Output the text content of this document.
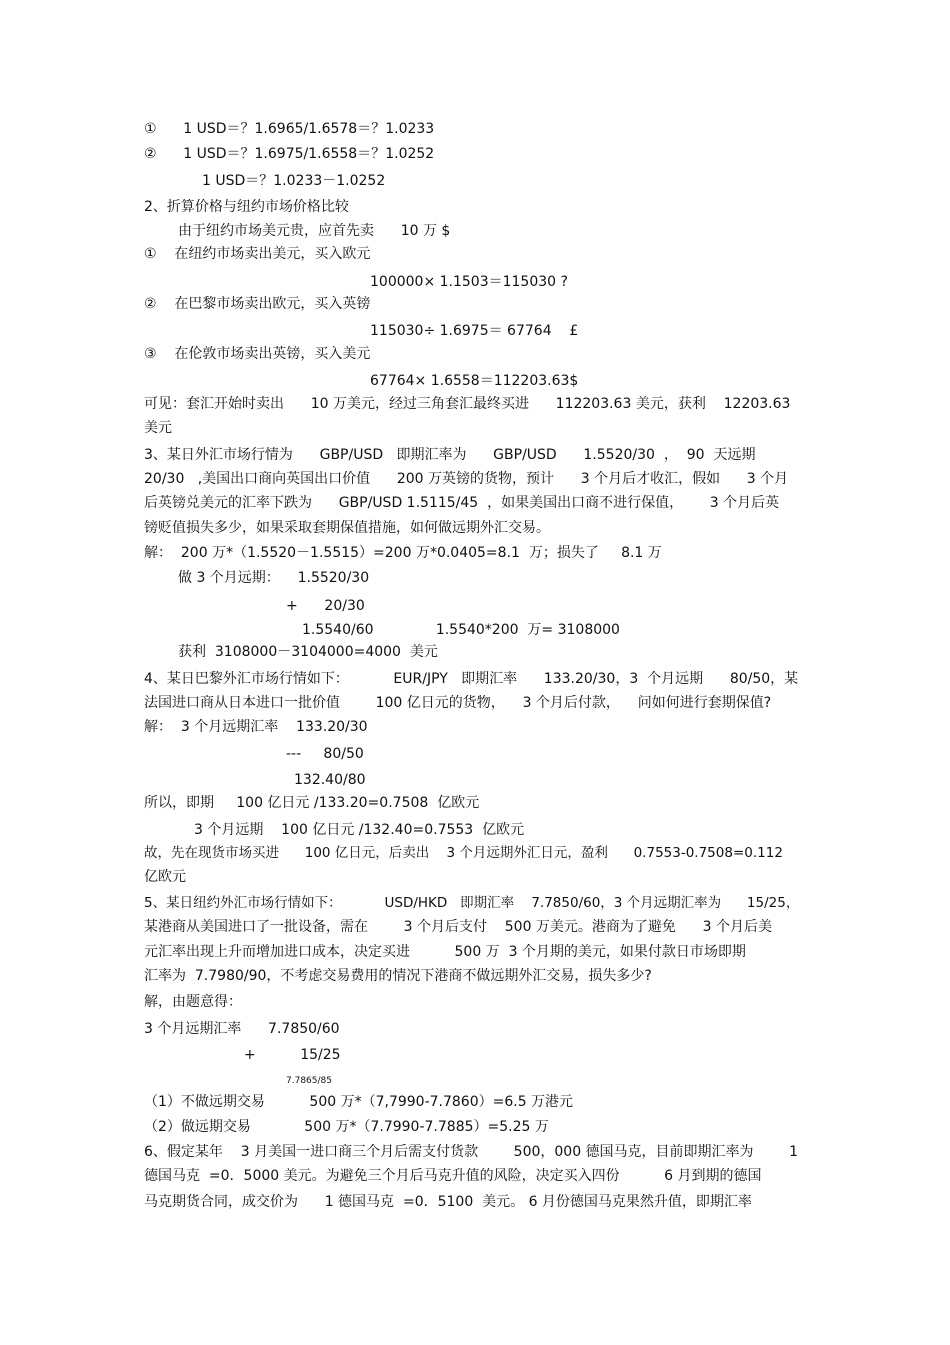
①      1 USD＝？1.6965/1.6578＝？1.0233
②      1 USD＝？1.6975/1.6558＝？1.0252
1 USD＝？1.0233－1.0252
2、折算价格与纽约市场价格比较
由于纽约市场美元贵，应首先卖      10 万 $
①    在纽约市场卖出美元，买入欧元
100000× 1.1503＝115030 ?
②    在巴黎市场卖出欧元，买入英镑
115030÷ 1.6975＝ 67764    £
③    在伦敦市场卖出英镑，买入美元
67764× 1.6558＝112203.63$
可见：套汇开始时卖出      10 万美元，经过三角套汇最终买进      112203.63 美元，获利    12203.63
美元
3、某日外汇市场行情为      GBP/USD   即期汇率为      GBP/USD      1.5520/30  ，  90  天远期
20/30   ,美国出口商向英国出口价值      200 万英镑的货物，预计      3 个月后才收汇，假如      3 个月
后英镑兑美元的汇率下跌为      GBP/USD 1.5115/45  ，如果美国出口商不进行保值，      3 个月后英
镑贬值损失多少，如果采取套期保值措施，如何做远期外汇交易。
解：  200 万*（1.5520－1.5515）=200 万*0.0405=8.1  万；损失了     8.1 万
做 3 个月远期：    1.5520/30
+      20/30
1.5540/60              1.5540*200  万= 3108000
获利  3108000－3104000=4000  美元
4、某日巴黎外汇市场行情如下：          EUR/JPY   即期汇率      133.20/30，3  个月远期      80/50，某
法国进口商从日本进口一批价值        100 亿日元的货物，    3 个月后付款，    问如何进行套期保值?
解：  3 个月远期汇率    133.20/30
---     80/50
132.40/80
所以，即期     100 亿日元 /133.20=0.7508  亿欧元
3 个月远期    100 亿日元 /132.40=0.7553  亿欧元
故，先在现货市场买进      100 亿日元，后卖出    3 个月远期外汇日元，盈利      0.7553-0.7508=0.112
亿欧元
5、某日纽约外汇市场行情如下：          USD/HKD   即期汇率    7.7850/60，3 个月远期汇率为      15/25，
某港商从美国进口了一批设备，需在        3 个月后支付    500 万美元。港商为了避免      3 个月后美
元汇率出现上升而增加进口成本，决定买进          500 万  3 个月期的美元，如果付款日市场即期
汇率为  7.7980/90，不考虑交易费用的情况下港商不做远期外汇交易，损失多少?
解，由题意得：
3 个月远期汇率      7.7850/60
+          15/25
7.7865/85
（1）不做远期交易          500 万*（7,7990-7.7860）=6.5 万港元
（2）做远期交易            500 万*（7.7990-7.7885）=5.25 万
6、假定某年    3 月美国一进口商三个月后需支付货款        500，000 德国马克，目前即期汇率为        1
德国马克  =0．5000 美元。为避免三个月后马克升值的风险，决定买入四份          6 月到期的德国
马克期货合同，成交价为      1 德国马克  =0．5100  美元。 6 月份德国马克果然升值，即期汇率
